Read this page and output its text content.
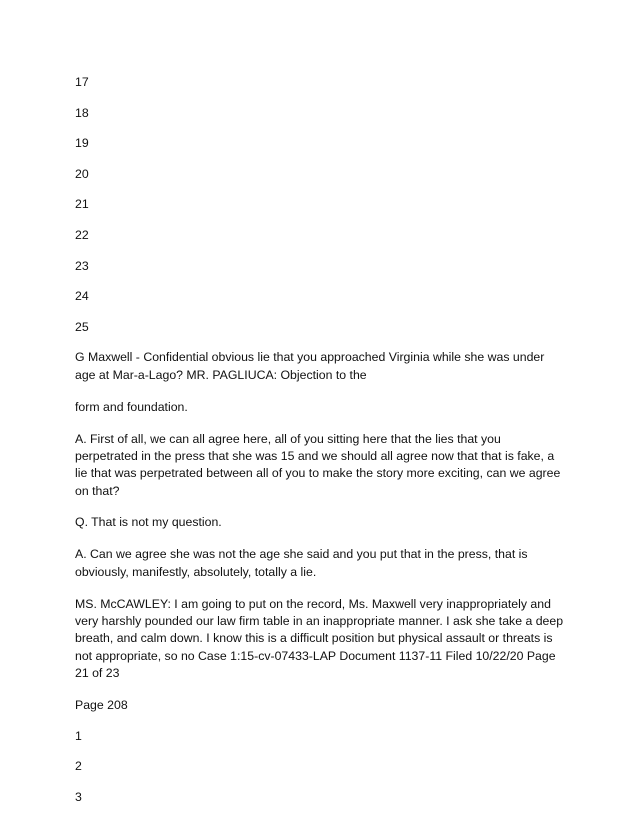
17
18
19
20
21
22
23
24
25

G Maxwell - Confidential obvious lie that you approached Virginia while she was under age at Mar-a-Lago? MR. PAGLIUCA: Objection to the

form and foundation.

A. First of all, we can all agree here, all of you sitting here that the lies that you perpetrated in the press that she was 15 and we should all agree now that that is fake, a lie that was perpetrated between all of you to make the story more exciting, can we agree on that?

Q. That is not my question.

A. Can we agree she was not the age she said and you put that in the press, that is obviously, manifestly, absolutely, totally a lie.

MS. McCAWLEY: I am going to put on the record, Ms. Maxwell very inappropriately and very harshly pounded our law firm table in an inappropriate manner. I ask she take a deep breath, and calm down. I know this is a difficult position but physical assault or threats is not appropriate, so no Case 1:15-cv-07433-LAP Document 1137-11 Filed 10/22/20 Page 21 of 23

Page 208
1
2
3
